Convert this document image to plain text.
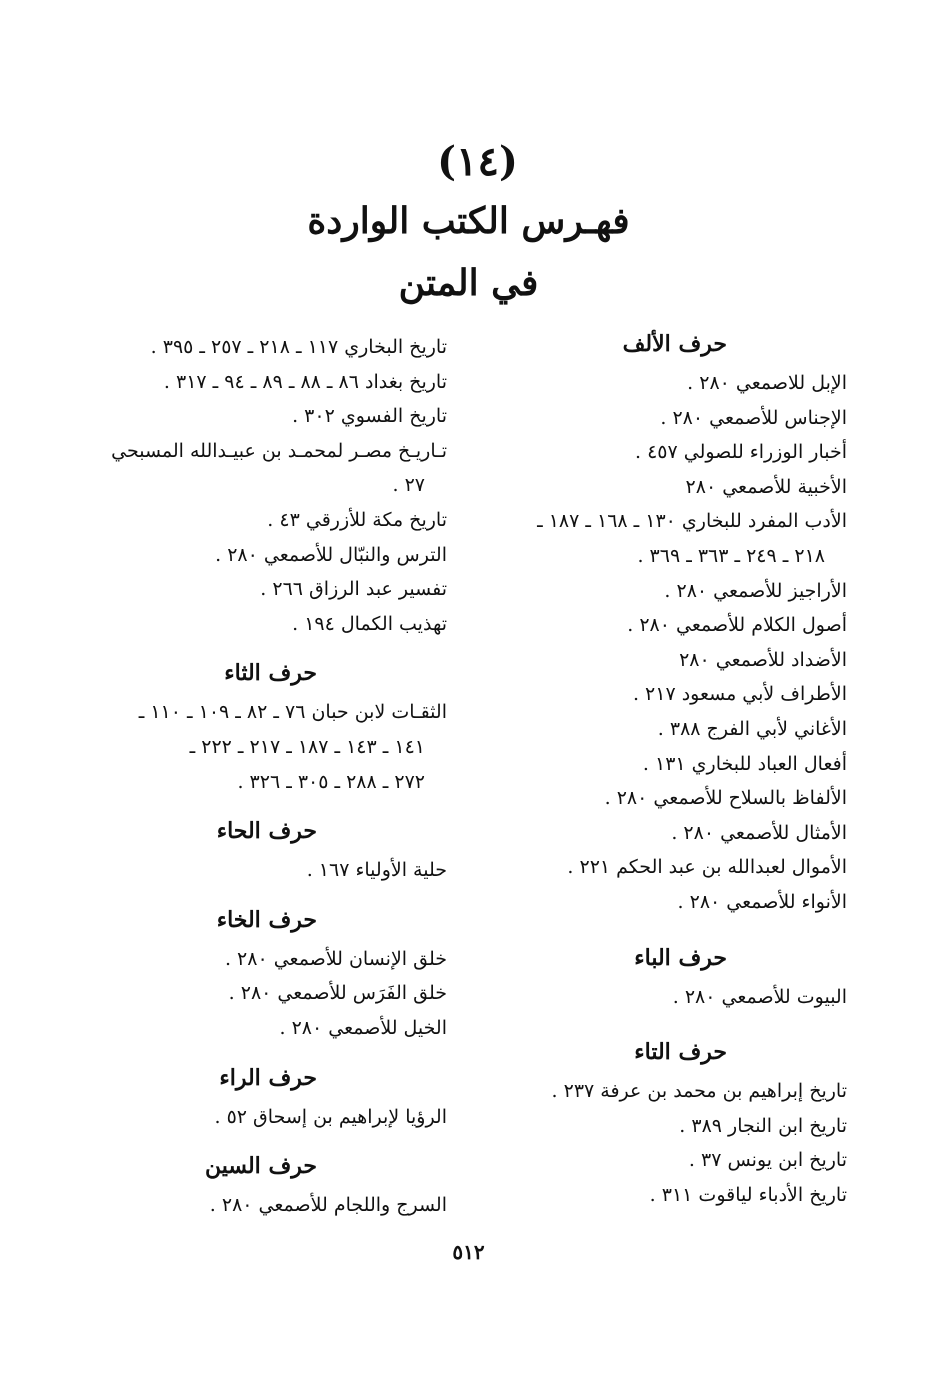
(١٤)
فهـرس الكتب الواردة
في المتن
حرف الألف
الإبل للاصمعي ٢٨٠ .
الإجناس للأصمعي ٢٨٠ .
أخبار الوزراء للصولي ٤٥٧ .
الأخبية للأصمعي ٢٨٠
الأدب المفرد للبخاري ١٣٠ ـ ١٦٨ ـ ١٨٧ ـ
٢١٨ ـ ٢٤٩ ـ ٣٦٣ ـ ٣٦٩ .
الأراجيز للأصمعي ٢٨٠ .
أصول الكلام للأصمعي ٢٨٠ .
الأضداد للأصمعي ٢٨٠
الأطراف لأبي مسعود ٢١٧ .
الأغاني لأبي الفرج ٣٨٨ .
أفعال العباد للبخاري ١٣١ .
الألفاظ بالسلاح للأصمعي ٢٨٠ .
الأمثال للأصمعي ٢٨٠ .
الأموال لعبدالله بن عبد الحكم ٢٢١ .
الأنواء للأصمعي ٢٨٠ .
حرف الباء
البيوت للأصمعي ٢٨٠ .
حرف التاء
تاريخ إبراهيم بن محمد بن عرفة ٢٣٧ .
تاريخ ابن النجار ٣٨٩ .
تاريخ ابن يونس ٣٧ .
تاريخ الأدباء لياقوت ٣١١ .
تاريخ البخاري ١١٧ ـ ٢١٨ ـ ٢٥٧ ـ ٣٩٥ .
تاريخ بغداد ٨٦ ـ ٨٨ ـ ٨٩ ـ ٩٤ ـ ٣١٧ .
تاريخ الفسوي ٣٠٢ .
تـاريـخ مصـر لمحمـد بن عبيـدالله المسبحي
٢٧ .
تاريخ مكة للأزرقي ٤٣ .
الترس والنبّال للأصمعي ٢٨٠ .
تفسير عبد الرزاق ٢٦٦ .
تهذيب الكمال ١٩٤ .
حرف الثاء
الثقـات لابن حبان ٧٦ ـ ٨٢ ـ ١٠٩ ـ ١١٠ ـ
١٤١ ـ ١٤٣ ـ ١٨٧ ـ ٢١٧ ـ ٢٢٢ ـ
٢٧٢ ـ ٢٨٨ ـ ٣٠٥ ـ ٣٢٦ .
حرف الحاء
حلية الأولياء ١٦٧ .
حرف الخاء
خلق الإنسان للأصمعي ٢٨٠ .
خلق الفَرَس للأصمعي ٢٨٠ .
الخيل للأصمعي ٢٨٠ .
حرف الراء
الرؤيا لإبراهيم بن إسحاق ٥٢ .
حرف السين
السرج واللجام للأصمعي ٢٨٠ .
٥١٢
